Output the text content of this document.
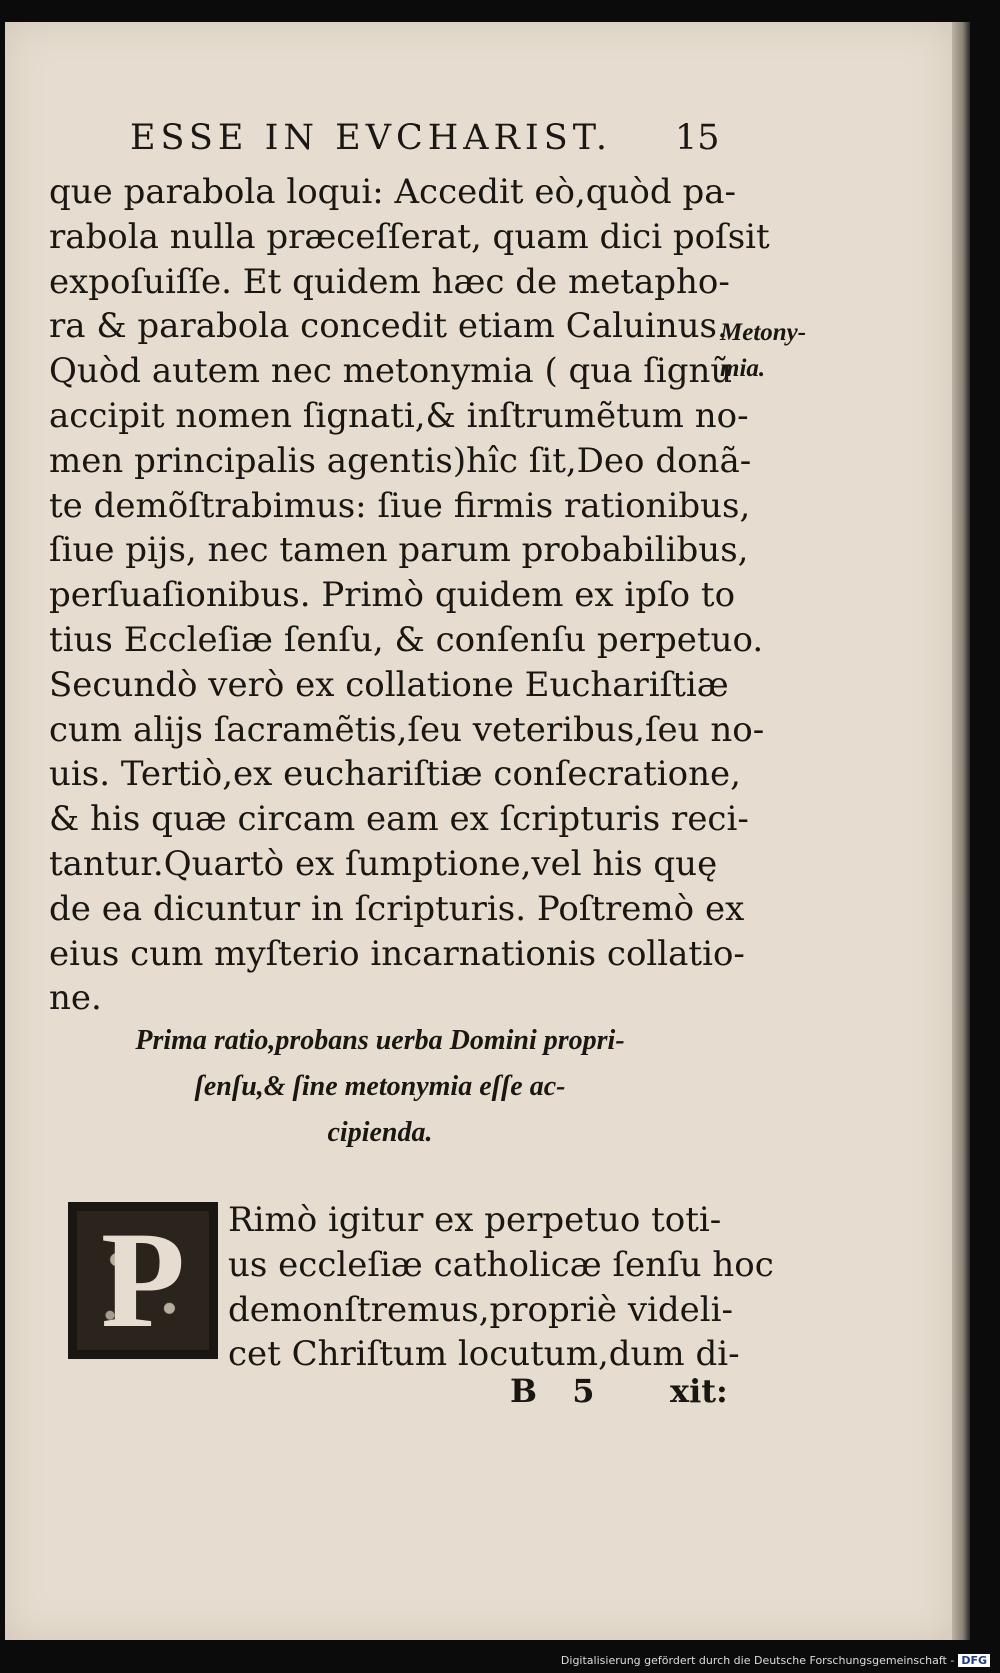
ESSE IN EVCHARIST. 15
que parabola loqui: Accedit eò,quòd pa-
rabola nulla præceſſerat, quam dici poſsit
expoſuiſſe. Et quidem hæc de metapho-
ra & parabola concedit etiam Caluinus.
Quòd autem nec metonymia ( qua ſignũ
accipit nomen ſignati,& inſtrumẽtum no-
men principalis agentis)hîc ſit,Deo donã-
te demõſtrabimus: ſiue firmis rationibus,
ſiue pijs, nec tamen parum probabilibus,
perſuaſionibus. Primò quidem ex ipſo to
tius Eccleſiæ ſenſu, & conſenſu perpetuo.
Secundò verò ex collatione Euchariſtiæ
cum alijs ſacramẽtis,ſeu veteribus,ſeu no-
uis. Tertiò,ex euchariſtiæ conſecratione,
& his quæ circam eam ex ſcripturis reci-
tantur.Quartò ex ſumptione,vel his quę
de ea dicuntur in ſcripturis. Poſtremò ex
eius cum myſterio incarnationis collatio-
ne.
Metony-
mia.
Prima ratio,probans uerba Domini propri-
ſenſu,& ſine metonymia eſſe ac-
cipienda.
P	Rimò igitur ex perpetuo toti-
us eccleſiæ catholicæ ſenſu hoc
demonſtremus,propriè videli-
cet Chriſtum locutum,dum di-
B 5 xit:
Digitalisierung gefördert durch die Deutsche Forschungsgemeinschaft - DFG
